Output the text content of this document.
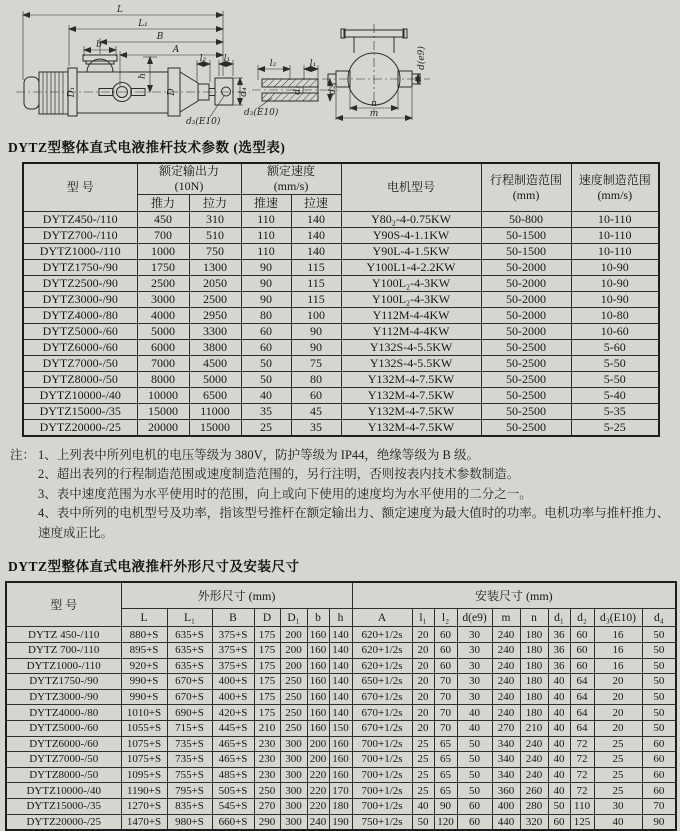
L
L₁
B
A
b
h
l₂ l₁
d₄
d₃(E10)
D₁	D
l₂	l₁
d₁	d₂
d₃(E10)
d(e9)
n
m
DYTZ型整体直式电液推杆技术参数 (选型表)
型 号	
额定输出力
(10N)

额定速度
(mm/s)	电机型号	
行程制造范围
(mm)

速度制造范围
(mm/s)

	推力	拉力	推速	拉速			
DYTZ450-/110	450	310	110	140	Y80₂-4-0.75KW	50-800	10-110
DYTZ700-/110	700	510	110	140	Y90S-4-1.1KW	50-1500	10-110
DYTZ1000-/110	1000	750	110	140	Y90L-4-1.5KW	50-1500	10-110
DYTZ1750-/90	1750	1300	90	115	Y100L1-4-2.2KW	50-2000	10-90
DYTZ2500-/90	2500	2050	90	115	Y100L₂-4-3KW	50-2000	10-90
DYTZ3000-/90	3000	2500	90	115	Y100L₂-4-3KW	50-2000	10-90
DYTZ4000-/80	4000	2950	80	100	Y112M-4-4KW	50-2000	10-80
DYTZ5000-/60	5000	3300	60	90	Y112M-4-4KW	50-2000	10-60
DYTZ6000-/60	6000	3800	60	90	Y132S-4-5.5KW	50-2500	5-60
DYTZ7000-/50	7000	4500	50	75	Y132S-4-5.5KW	50-2500	5-50
DYTZ8000-/50	8000	5000	50	80	Y132M-4-7.5KW	50-2500	5-50
DYTZ10000-/40	10000	6500	40	60	Y132M-4-7.5KW	50-2500	5-40
DYTZ15000-/35	15000	11000	35	45	Y132M-4-7.5KW	50-2500	5-35
DYTZ20000-/25	20000	15000	25	35	Y132M-4-7.5KW	50-2500	5-25
注： 1、上列表中所列电机的电压等级为 380V，防护等级为 IP44，绝缘等级为 B 级。
2、超出表列的行程制造范围或速度制造范围的，另行注明，否则按表内技术参数制造。
3、表中速度范围为水平使用时的范围，向上或向下使用的速度均为水平使用的二分之一。
4、表中所列的电机型号及功率，指该型号推杆在额定输出力、额定速度为最大值时的功率。电机功率与推杆推力、 速度成正比。
DYTZ型整体直式电液推杆外形尺寸及安装尺寸
型 号	外形尺寸 (mm)							安装尺寸 (mm)									
	L	L₁	B	D	D₁	b	h	A	l₁	l₂	d(e9)	m	n	d₁	d₂	d₃(E10)	d₄
DYTZ 450-/110	880+S	635+S	375+S	175	200	160	140	620+1/2s	20	60	30	240	180	36	60	16	50
DYTZ 700-/110	895+S	635+S	375+S	175	200	160	140	620+1/2s	20	60	30	240	180	36	60	16	50
DYTZ1000-/110	920+S	635+S	375+S	175	200	160	140	620+1/2s	20	60	30	240	180	36	60	16	50
DYTZ1750-/90	990+S	670+S	400+S	175	250	160	140	650+1/2s	20	70	30	240	180	40	64	20	50
DYTZ3000-/90	990+S	670+S	400+S	175	250	160	140	670+1/2s	20	70	30	240	180	40	64	20	50
DYTZ4000-/80	1010+S	690+S	420+S	175	250	160	140	670+1/2s	20	70	40	240	180	40	64	20	50
DYTZ5000-/60	1055+S	715+S	445+S	210	250	160	150	670+1/2s	20	70	40	270	210	40	64	20	50
DYTZ6000-/60	1075+S	735+S	465+S	230	300	200	160	700+1/2s	25	65	50	340	240	40	72	25	60
DYTZ7000-/50	1075+S	735+S	465+S	230	300	200	160	700+1/2s	25	65	50	340	240	40	72	25	60
DYTZ8000-/50	1095+S	755+S	485+S	230	300	220	160	700+1/2s	25	65	50	340	240	40	72	25	60
DYTZ10000-/40	1190+S	795+S	505+S	250	300	220	170	700+1/2s	25	65	50	360	260	40	72	25	60
DYTZ15000-/35	1270+S	835+S	545+S	270	300	220	180	700+1/2s	40	90	60	400	280	50	110	30	70
DYTZ20000-/25	1470+S	980+S	660+S	290	300	240	190	750+1/2s	50	120	60	440	320	60	125	40	90
